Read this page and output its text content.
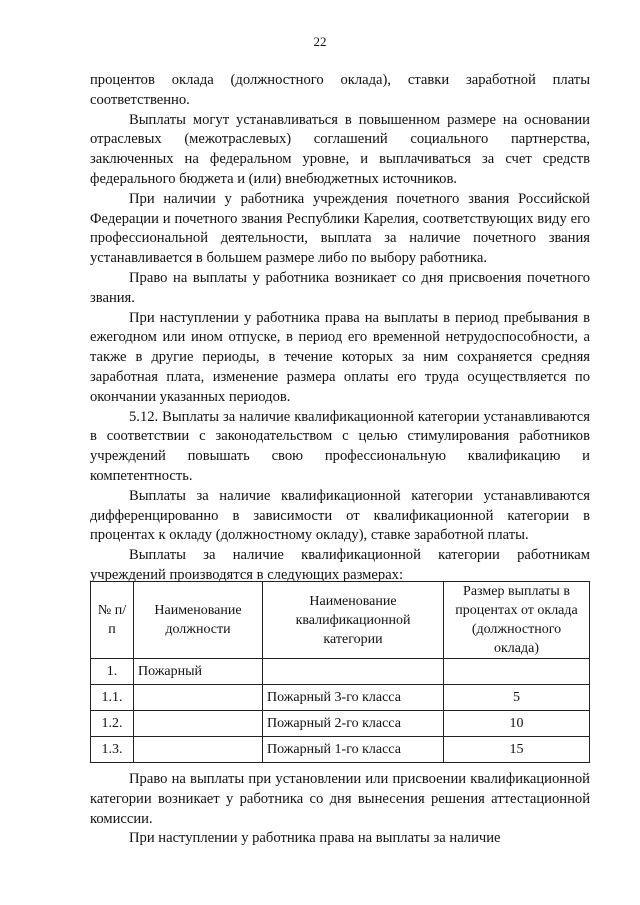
22

процентов оклада (должностного оклада), ставки заработной платы соответственно.

Выплаты могут устанавливаться в повышенном размере на основании отраслевых (межотраслевых) соглашений социального партнерства, заключенных на федеральном уровне, и выплачиваться за счет средств федерального бюджета и (или) внебюджетных источников.

При наличии у работника учреждения почетного звания Российской Федерации и почетного звания Республики Карелия, соответствующих виду его профессиональной деятельности, выплата за наличие почетного звания устанавливается в большем размере либо по выбору работника.

Право на выплаты у работника возникает со дня присвоения почетного звания.

При наступлении у работника права на выплаты в период пребывания в ежегодном или ином отпуске, в период его временной нетрудоспособности, а также в другие периоды, в течение которых за ним сохраняется средняя заработная плата, изменение размера оплаты его труда осуществляется по окончании указанных периодов.

5.12. Выплаты за наличие квалификационной категории устанавливаются в соответствии с законодательством с целью стимулирования работников учреждений повышать свою профессиональную квалификацию и компетентность.

Выплаты за наличие квалификационной категории устанавливаются дифференцированно в зависимости от квалификационной категории в процентах к окладу (должностному окладу), ставке заработной платы.

Выплаты за наличие квалификационной категории работникам учреждений производятся в следующих размерах:

№ п/п	Наименование должности	Наименование квалификационной категории	Размер выплаты в процентах от оклада (должностного оклада)
1.	Пожарный		
1.1.		Пожарный 3-го класса	5
1.2.		Пожарный 2-го класса	10
1.3.		Пожарный 1-го класса	15

Право на выплаты при установлении или присвоении квалификационной категории возникает у работника со дня вынесения решения аттестационной комиссии.

При наступлении у работника права на выплаты за наличие
